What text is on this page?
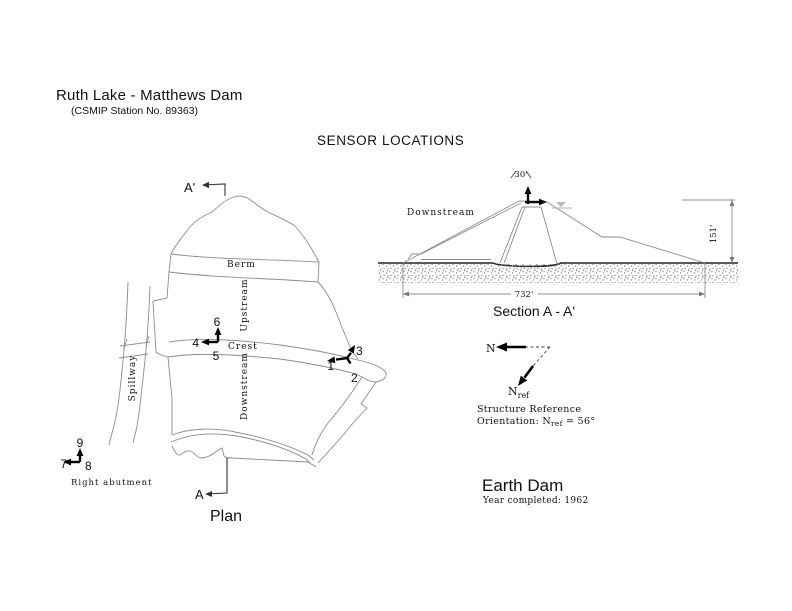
Ruth Lake - Matthews Dam
(CSMIP Station No. 89363)
SENSOR LOCATIONS
6
4
5	3
1
2
9
7 8
Berm
Upstream
Crest
Downstream
Spillway
Right abutment
A'
A
Plan
30'
151'
732'
Downstream
Section A - A'
N
$N_{ref}$
Structure Reference
Orientation: $N_{ref} = 56^\circ$
Earth Dam
Year completed: 1962
